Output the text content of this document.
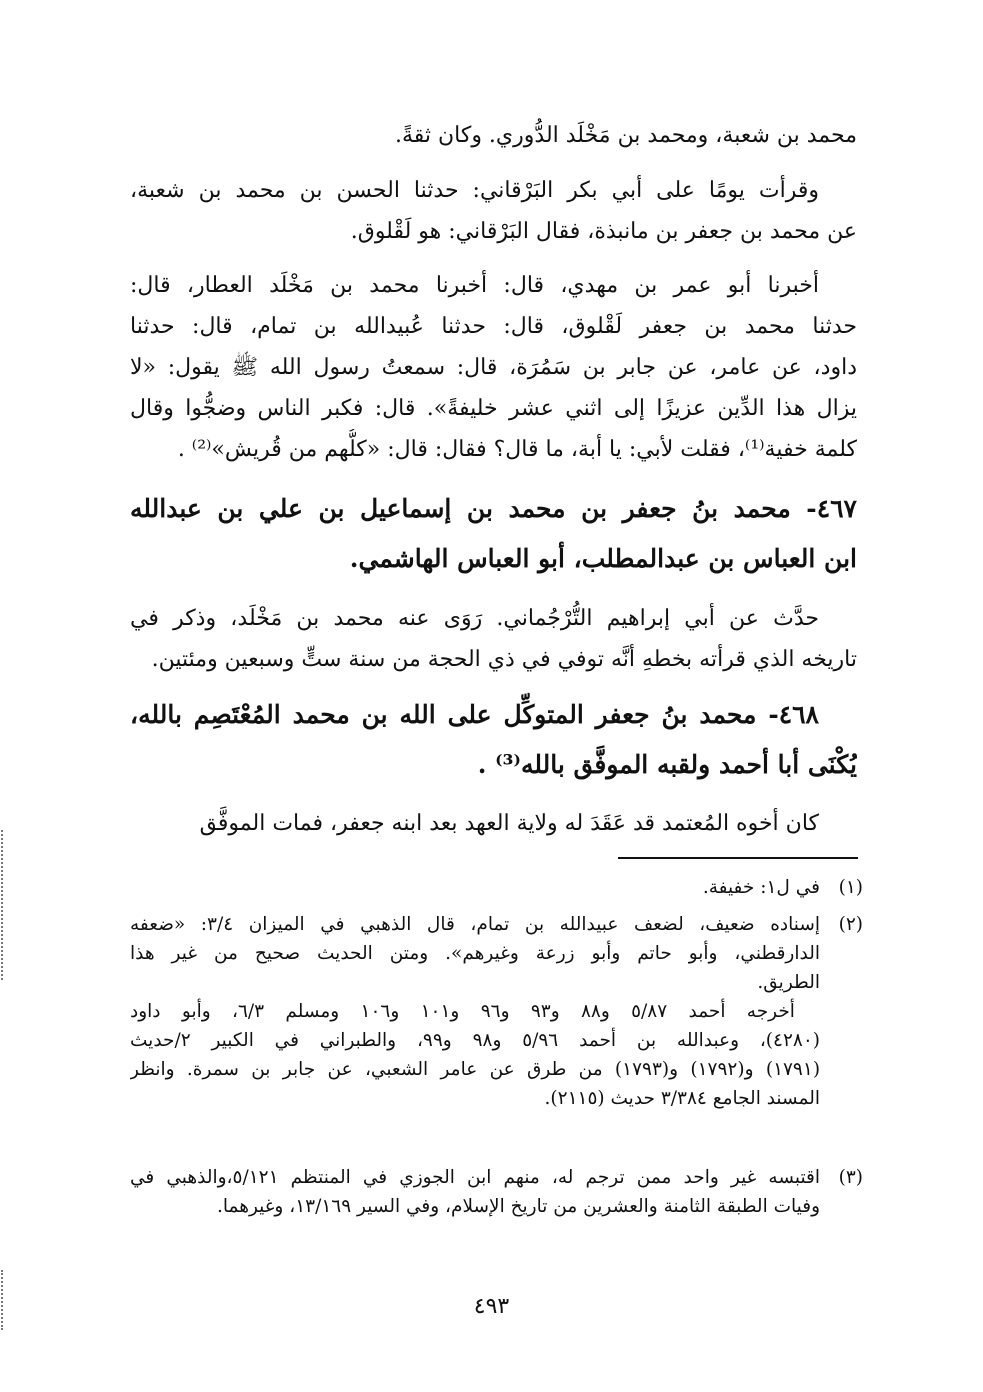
محمد بن شعبة، ومحمد بن مَخْلَد الدُّوري. وكان ثقةً.
وقرأت يومًا على أبي بكر البَرْقاني: حدثنا الحسن بن محمد بن شعبة،
عن محمد بن جعفر بن مانبذة، فقال البَرْقاني: هو لَقْلوق.
أخبرنا أبو عمر بن مهدي، قال: أخبرنا محمد بن مَخْلَد العطار، قال:
حدثنا محمد بن جعفر لَقْلوق، قال: حدثنا عُبيدالله بن تمام، قال: حدثنا
داود، عن عامر، عن جابر بن سَمُرَة، قال: سمعتُ رسول الله ﷺ يقول: «لا
يزال هذا الدِّين عزيزًا إلى اثني عشر خليفةً». قال: فكبر الناس وضجُّوا وقال
كلمة خفية⁽¹⁾، فقلت لأبي: يا أبة، ما قال؟ فقال: قال: «كلُّهم من قُريش»⁽²⁾ .
٤٦٧- محمد بنُ جعفر بن محمد بن إسماعيل بن علي بن عبدالله
ابن العباس بن عبدالمطلب، أبو العباس الهاشمي.
حدَّث عن أبي إبراهيم التُّرْجُماني. رَوَى عنه محمد بن مَخْلَد، وذكر في
تاريخه الذي قرأته بخطهِ أنَّه توفي في ذي الحجة من سنة ستٍّ وسبعين ومئتين.
٤٦٨- محمد بنُ جعفر المتوكِّل على الله بن محمد المُعْتَصِم بالله،
يُكْنَى أبا أحمد ولقبه الموفَّق بالله⁽³⁾ .
كان أخوه المُعتمد قد عَقَدَ له ولاية العهد بعد ابنه جعفر، فمات الموفَّق
(١)
في ل١: خفيفة.
(٢)
إسناده ضعيف، لضعف عبيدالله بن تمام، قال الذهبي في الميزان ٣/٤: «ضعفه
الدارقطني، وأبو حاتم وأبو زرعة وغيرهم». ومتن الحديث صحيح من غير هذا
الطريق.
أخرجه أحمد ٥/٨٧ و٨٨ و٩٣ و٩٦ و١٠١ و١٠٦ ومسلم ٦/٣، وأبو داود
(٤٢٨٠)، وعبدالله بن أحمد ٥/٩٦ و٩٨ و٩٩، والطبراني في الكبير ٢/حديث
(١٧٩١) و(١٧٩٢) و(١٧٩٣) من طرق عن عامر الشعبي، عن جابر بن سمرة. وانظر
المسند الجامع ٣/٣٨٤ حديث (٢١١٥).
(٣)
اقتبسه غير واحد ممن ترجم له، منهم ابن الجوزي في المنتظم ٥/١٢١،والذهبي في
وفيات الطبقة الثامنة والعشرين من تاريخ الإسلام، وفي السير ١٣/١٦٩، وغيرهما.
٤٩٣
